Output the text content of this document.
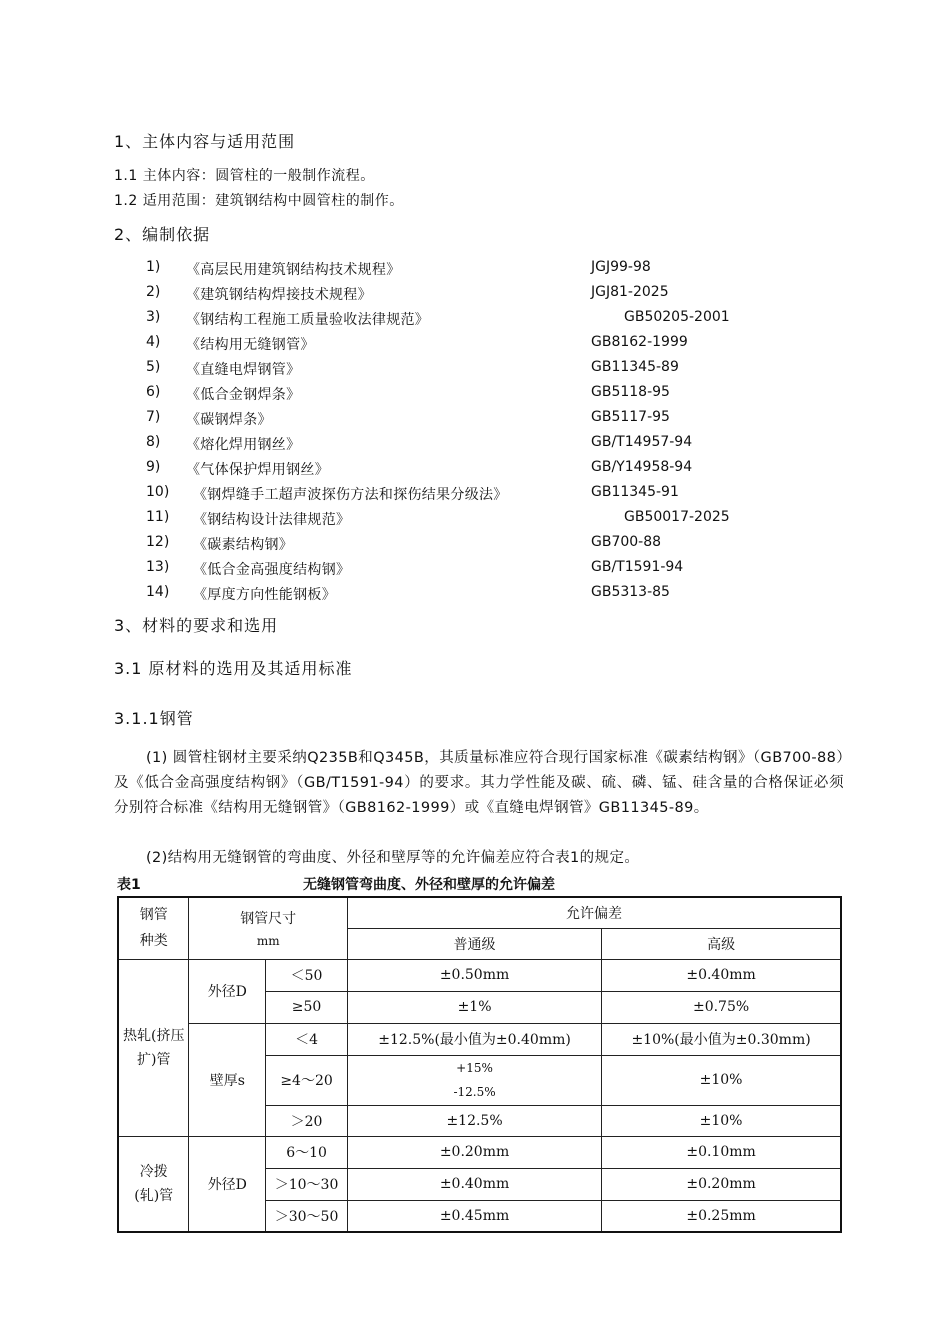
1、主体内容与适用范围
1.1 主体内容：圆管柱的一般制作流程。
1.2 适用范围：建筑钢结构中圆管柱的制作。
2、编制依据
1) 《高层民用建筑钢结构技术规程》	JGJ99-98
2) 《建筑钢结构焊接技术规程》	JGJ81-2025
3) 《钢结构工程施工质量验收法律规范》	GB50205-2001
4) 《结构用无缝钢管》	GB8162-1999
5) 《直缝电焊钢管》	GB11345-89
6) 《低合金钢焊条》	GB5118-95
7) 《碳钢焊条》	GB5117-95
8) 《熔化焊用钢丝》	GB/T14957-94
9) 《气体保护焊用钢丝》	GB/Y14958-94
10) 《钢焊缝手工超声波探伤方法和探伤结果分级法》	GB11345-91
11) 《钢结构设计法律规范》	GB50017-2025
12) 《碳素结构钢》	GB700-88
13) 《低合金高强度结构钢》	GB/T1591-94
14) 《厚度方向性能钢板》	GB5313-85
3、材料的要求和选用
3.1 原材料的选用及其适用标准
3.1.1钢管
(1) 圆管柱钢材主要采纳Q235B和Q345B，其质量标准应符合现行国家标准《碳素结构钢》（GB700-88）及《低合金高强度结构钢》（GB/T1591-94）的要求。其力学性能及碳、硫、磷、锰、硅含量的合格保证必须分别符合标准《结构用无缝钢管》（GB8162-1999）或《直缝电焊钢管》GB11345-89。
(2)结构用无缝钢管的弯曲度、外径和壁厚等的允许偏差应符合表1的规定。
表1	无缝钢管弯曲度、外径和壁厚的允许偏差
钢管种类	钢管尺寸
mm		允许偏差	
			普通级	高级

热轧(挤压扩)管	外径D	＜50	±0.50mm	±0.40mm
		≥50	±1%	±0.75%
	壁厚s	＜4	±12.5%(最小值为±0.40mm)	±10%(最小值为±0.30mm)
		≥4～20	+15%
-12.5%	±10%
		＞20	±12.5%	±10%

冷拨(轧)管	外径D	6～10	±0.20mm	±0.10mm
		＞10～30	±0.40mm	±0.20mm
		＞30～50	±0.45mm	±0.25mm
